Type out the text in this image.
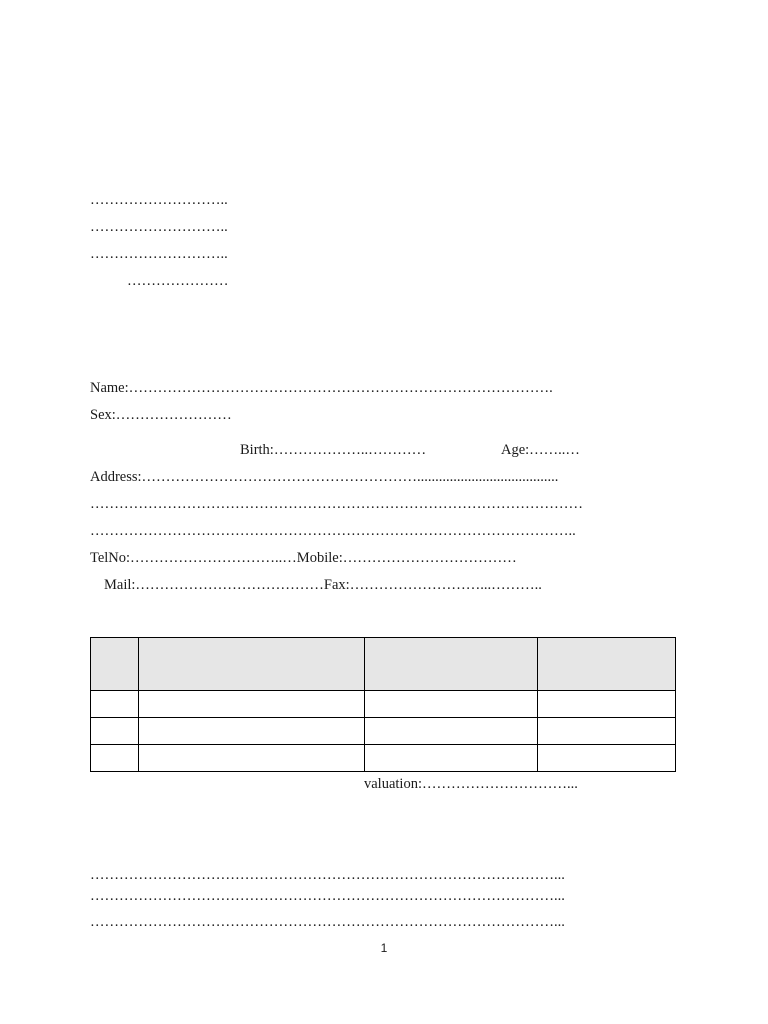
………………………..
………………………..
………………………..
…………………
Name:…………………………………………………………………………….
Sex:……………………
Birth:………………..…………	Age:……..…
Address:………………………………………………….......................................
…………………………………………………………………………………………
………………………………………………………………………………………..
TelNo:…………………………..…Mobile:………………………………
Mail:…………………………………Fax:………………………...………..

valuation:…………………………...
……………………………………………………………………………………...
……………………………………………………………………………………...
……………………………………………………………………………………...
1
